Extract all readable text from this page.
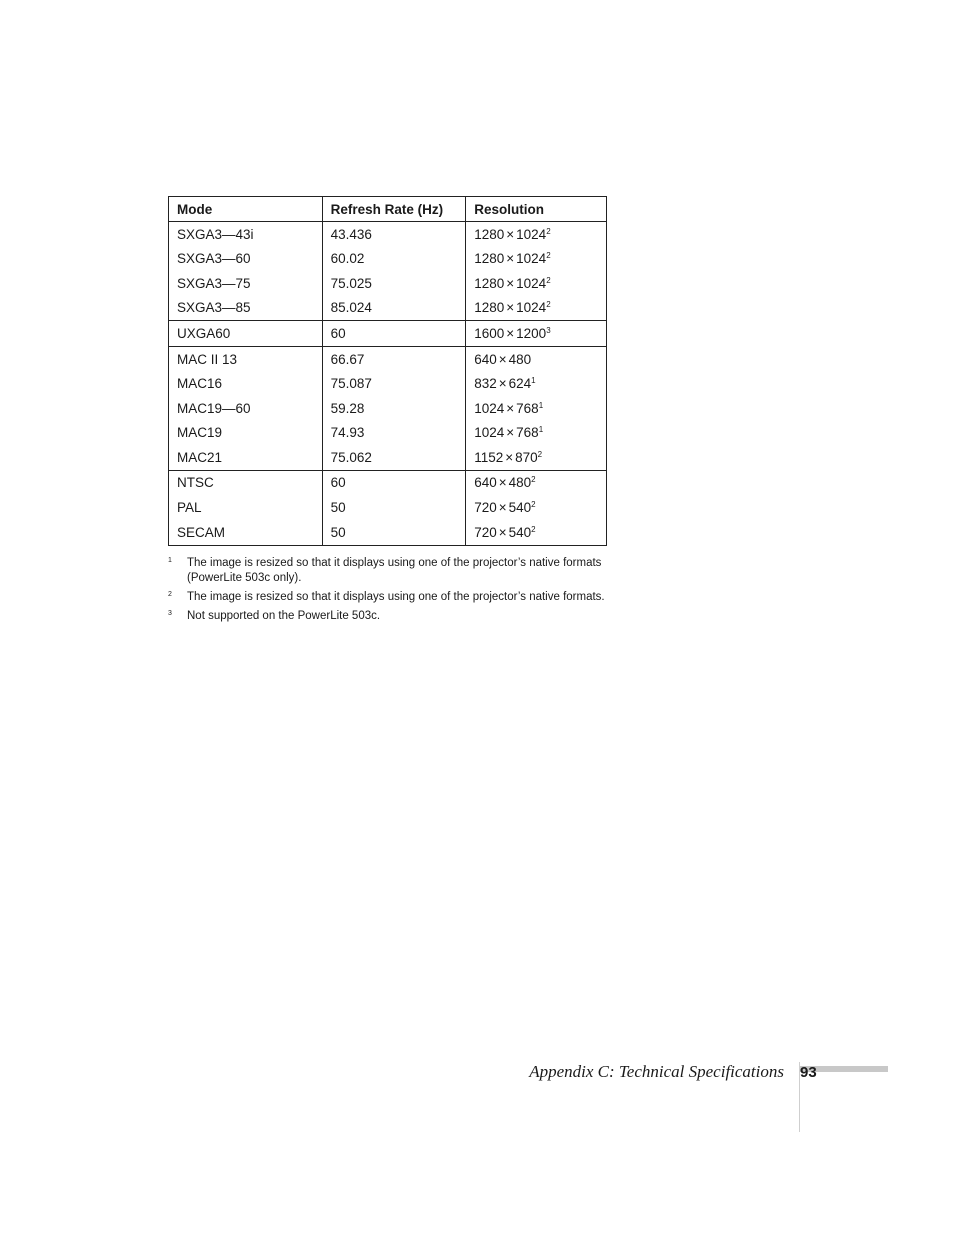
Mode	Refresh Rate (Hz)	Resolution
SXGA3—43i	43.436	$1280 \times 1024^2$
SXGA3—60	60.02	$1280 \times 1024^2$
SXGA3—75	75.025	$1280 \times 1024^2$
SXGA3—85	85.024	$1280 \times 1024^2$
UXGA60	60	$1600 \times 1200^3$
MAC II 13	66.67	640 × 480
MAC16	75.087	$832 \times 624^1$
MAC19—60	59.28	$1024 \times 768^1$
MAC19	74.93	$1024 \times 768^1$
MAC21	75.062	$1152 \times 870^2$
NTSC	60	$640 \times 480^2$
PAL	50	$720 \times 540^2$
SECAM	50	$720 \times 540^2$
1	The image is resized so that it displays using one of the projector’s native formats (PowerLite 503c only).
2	The image is resized so that it displays using one of the projector’s native formats.
3	Not supported on the PowerLite 503c.
Appendix C: Technical Specifications 93
